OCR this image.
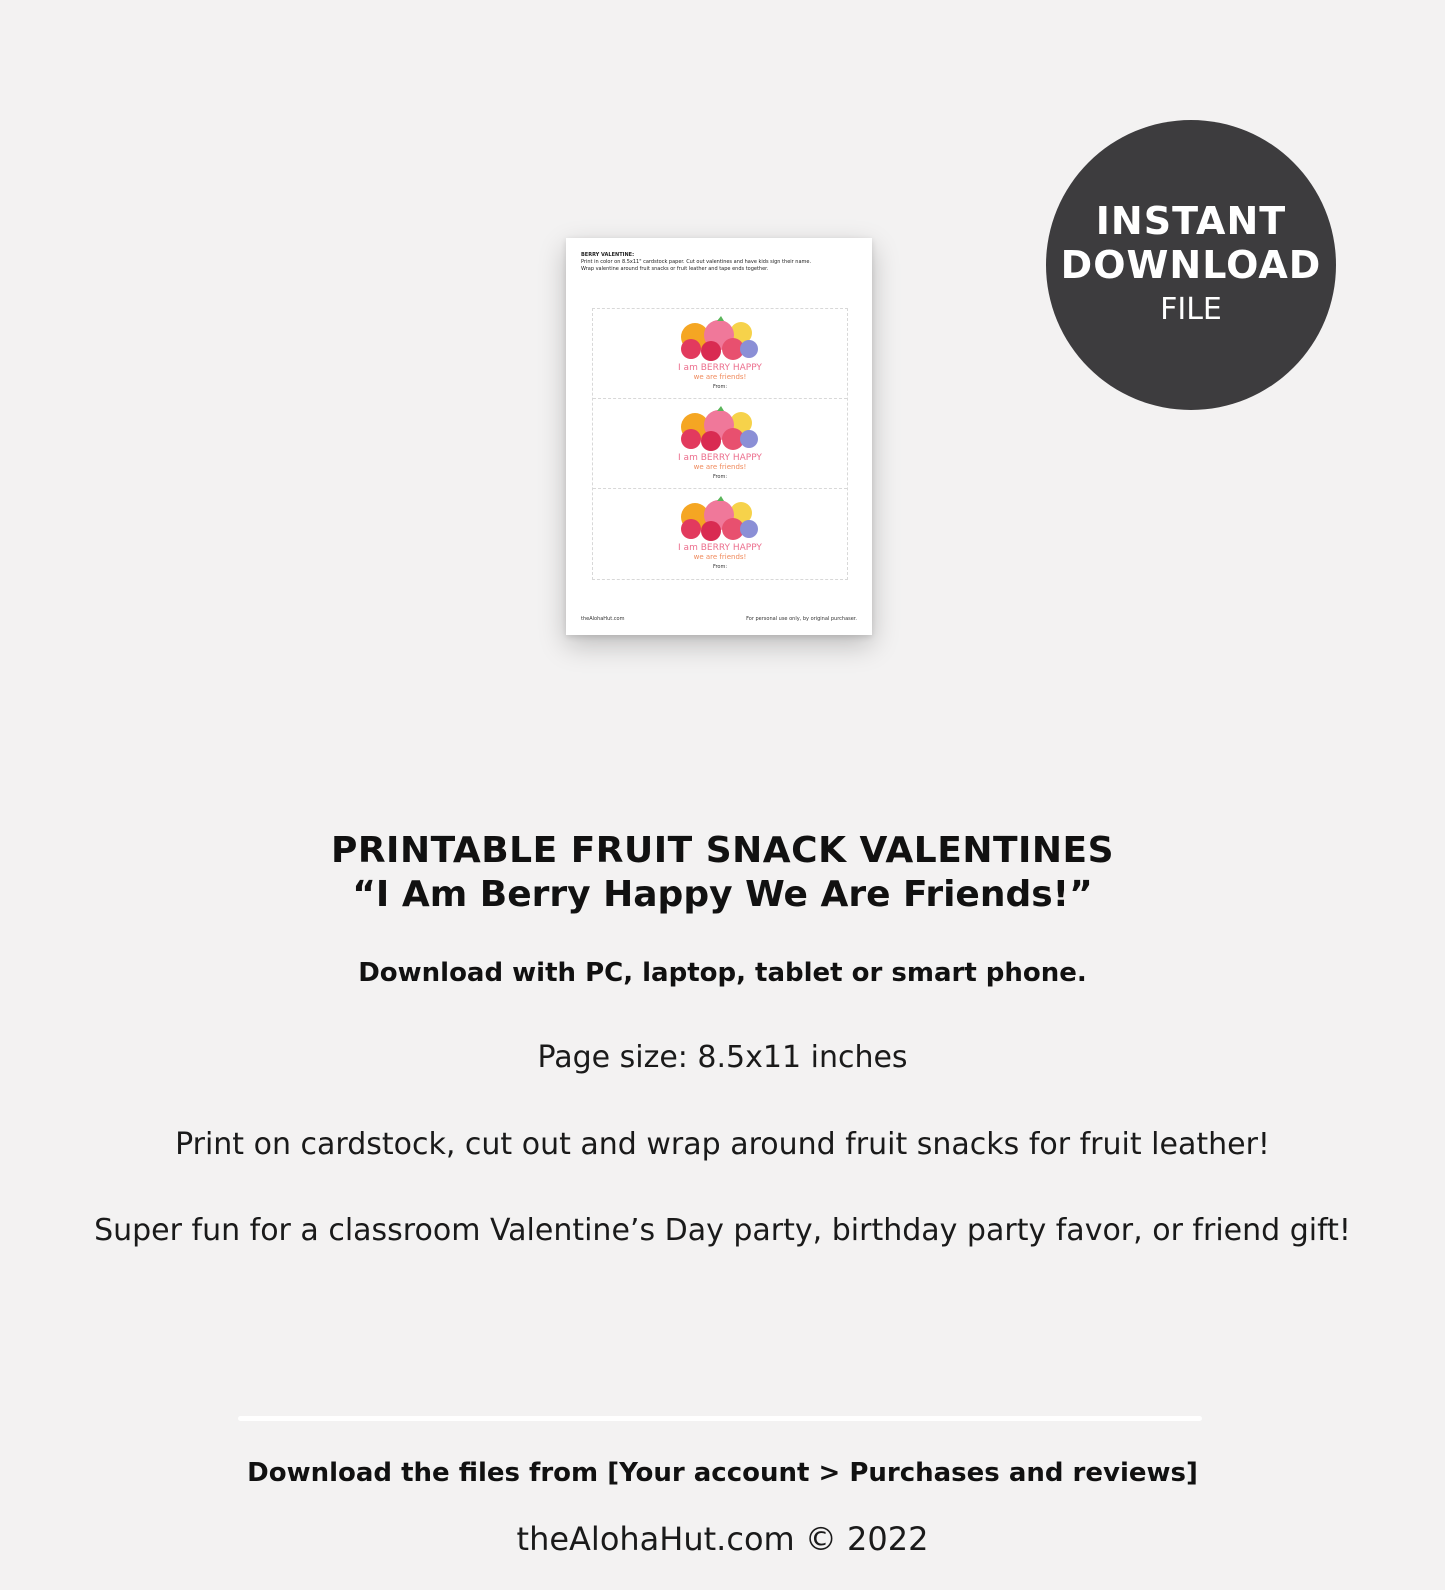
INSTANT
DOWNLOAD
FILE
BERRY VALENTINE:
Print in color on 8.5x11" cardstock paper. Cut out valentines and have kids sign their name.
Wrap valentine around fruit snacks or fruit leather and tape ends together.
I am BERRY HAPPY
we are friends!
From:
I am BERRY HAPPY
we are friends!
From:
I am BERRY HAPPY
we are friends!
From:
theAlohaHut.com	For personal use only, by original purchaser.
PRINTABLE FRUIT SNACK VALENTINES
“I Am Berry Happy We Are Friends!”
Download with PC, laptop, tablet or smart phone.
Page size: 8.5x11 inches
Print on cardstock, cut out and wrap around fruit snacks for fruit leather!
Super fun for a classroom Valentine’s Day party, birthday party favor, or friend gift!
Download the files from [Your account > Purchases and reviews]
theAlohaHut.com © 2022
